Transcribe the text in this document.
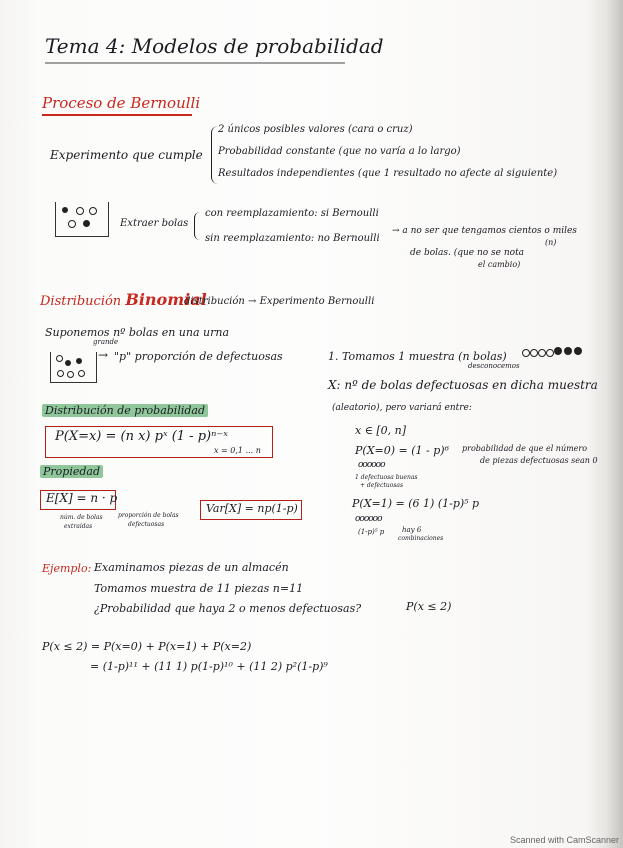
Tema 4: Modelos de probabilidad
Proceso de Bernoulli
Experimento que cumple
2 únicos posibles valores (cara o cruz)
Probabilidad constante (que no varía a lo largo)
Resultados independientes (que 1 resultado no afecte al siguiente)
Extraer bolas
con reemplazamiento: si Bernoulli
sin reemplazamiento: no Bernoulli
→ a no ser que tengamos cientos o miles
(n)
de bolas. (que no se nota
el cambio)
Distribución Binomial
distribución → Experimento Bernoulli
Suponemos nº bolas en una urna
grande
→ "p" proporción de defectuosas	1. Tomamos 1 muestra (n bolas)
desconocemos
X: nº de bolas defectuosas en dicha muestra
(aleatorio), pero variará entre:
x ∈ [0, n]
Distribución de probabilidad
P(X=x) = (n x) pˣ (1 - p)ⁿ⁻ˣ
x = 0,1 ... n	P(X=0) = (1 - p)⁶ probabilidad de que el número
de piezas defectuosas sean 0
oooooo
1 defectuosa buenas
+ defectuosas
Propiedad
E[X] = n · p
núm. de bolas
extraídas
proporción de bolas
defectuosas
Var[X] = np(1-p)	P(X=1) = (6 1) (1-p)⁵ p
oooooo
(1-p)⁵ p	hay 6
combinaciones
Ejemplo: Examinamos piezas de un almacén
Tomamos muestra de 11 piezas n=11
¿Probabilidad que haya 2 o menos defectuosas?	P(x ≤ 2)
P(x ≤ 2) = P(x=0) + P(x=1) + P(x=2)
= (1-p)¹¹ + (11 1) p(1-p)¹⁰ + (11 2) p²(1-p)⁹
Scanned with CamScanner
